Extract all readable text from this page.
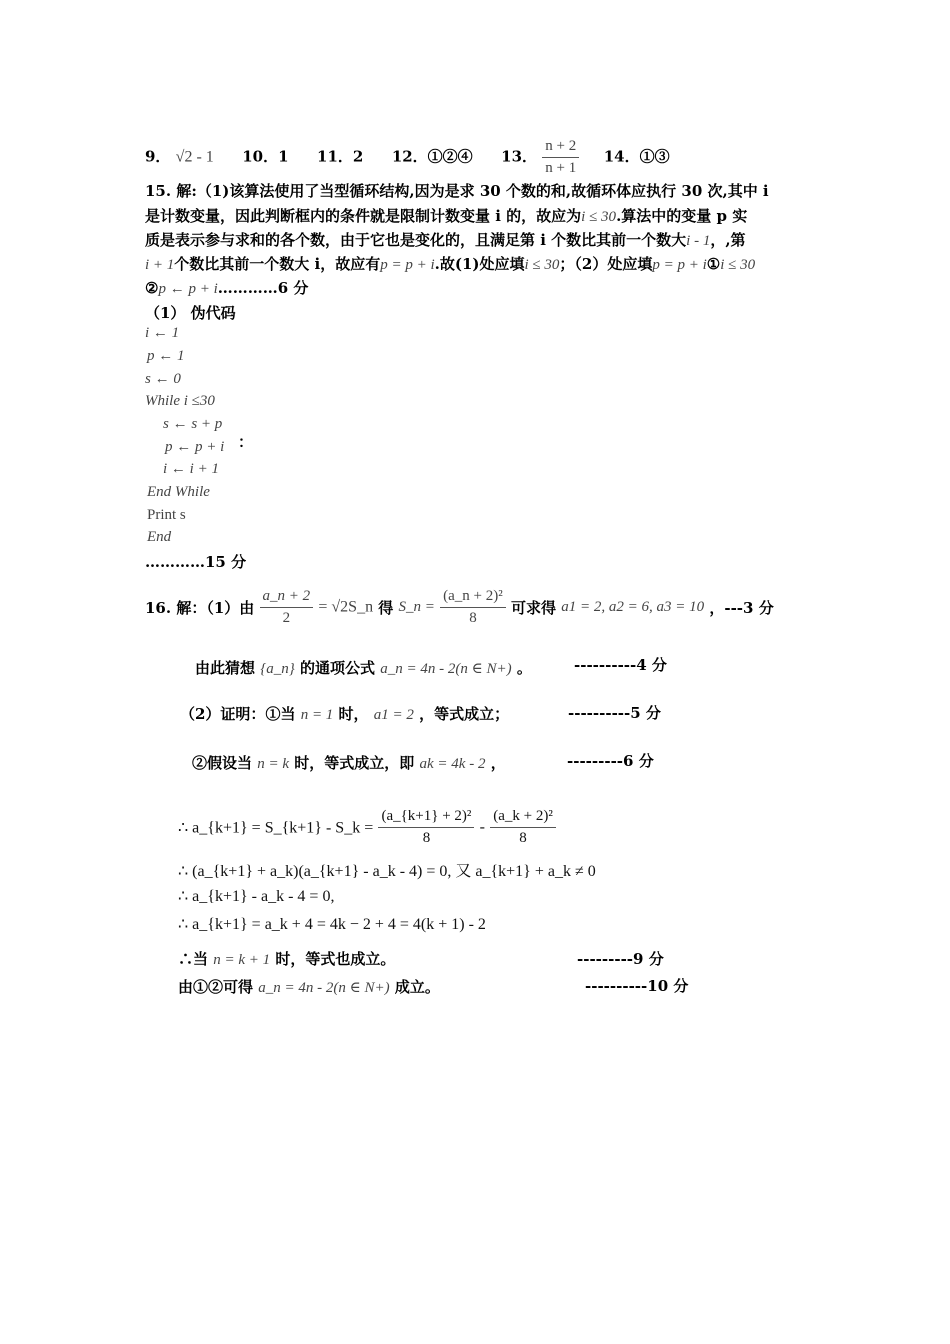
9． √2 - 1 10．1 11．2 12．①②④ 13． $\frac{n + 2}{n + 1} 14$．①③
15. 解:（1)该算法使用了当型循环结构,因为是求 30 个数的和,故循环体应执行 30 次,其中 i
是计数变量，因此判断框内的条件就是限制计数变量 i 的，故应为i ≤ 30.算法中的变量 p 实
质是表示参与求和的各个数，由于它也是变化的，且满足第 i 个数比其前一个数大i - 1，,第
i + 1个数比其前一个数大 i，故应有p = p + i.故(1)处应填i ≤ 30；（2）处应填p = p + i①i ≤ 30
②p ← p + i…………6 分
（1） 伪代码
i ← 1
p ← 1
s ← 0
While i ≤30
s ← s + p
p ← p + i ：
i ← i + 1
End While
Print s
End
…………15 分
16. 解：（1）由 $\frac{a\_n + 2}{2}$ = √2S_n 得 S_n = $\frac{\text{(a\_n + 2)²}}{8}$ 可求得 a1 = 2, a2 = 6, a3 = 10 ，---3 分
由此猜想 {a_n} 的通项公式 a_n = 4n - 2(n ∈ N+) 。	----------4 分
（2）证明：①当 n = 1 时， a1 = 2 ，等式成立；	----------5 分
②假设当 n = k 时，等式成立，即 ak = 4k - 2 ，	---------6 分
∴ a_{k+1} = S_{k+1} - S_k = $\frac{\text{(a\_\{k+1\} + 2)²}}{8} - \frac{\text{(a\_k + 2)²}}{8}$
∴ (a_{k+1} + a_k)(a_{k+1} - a_k - 4) = 0, 又 a_{k+1} + a_k ≠ 0
∴ a_{k+1} - a_k - 4 = 0,
∴ a_{k+1} = a_k + 4 = 4k − 2 + 4 = 4(k + 1) - 2
∴当 n = k + 1 时，等式也成立。	---------9 分
由①②可得 a_n = 4n - 2(n ∈ N+) 成立。	----------10 分
